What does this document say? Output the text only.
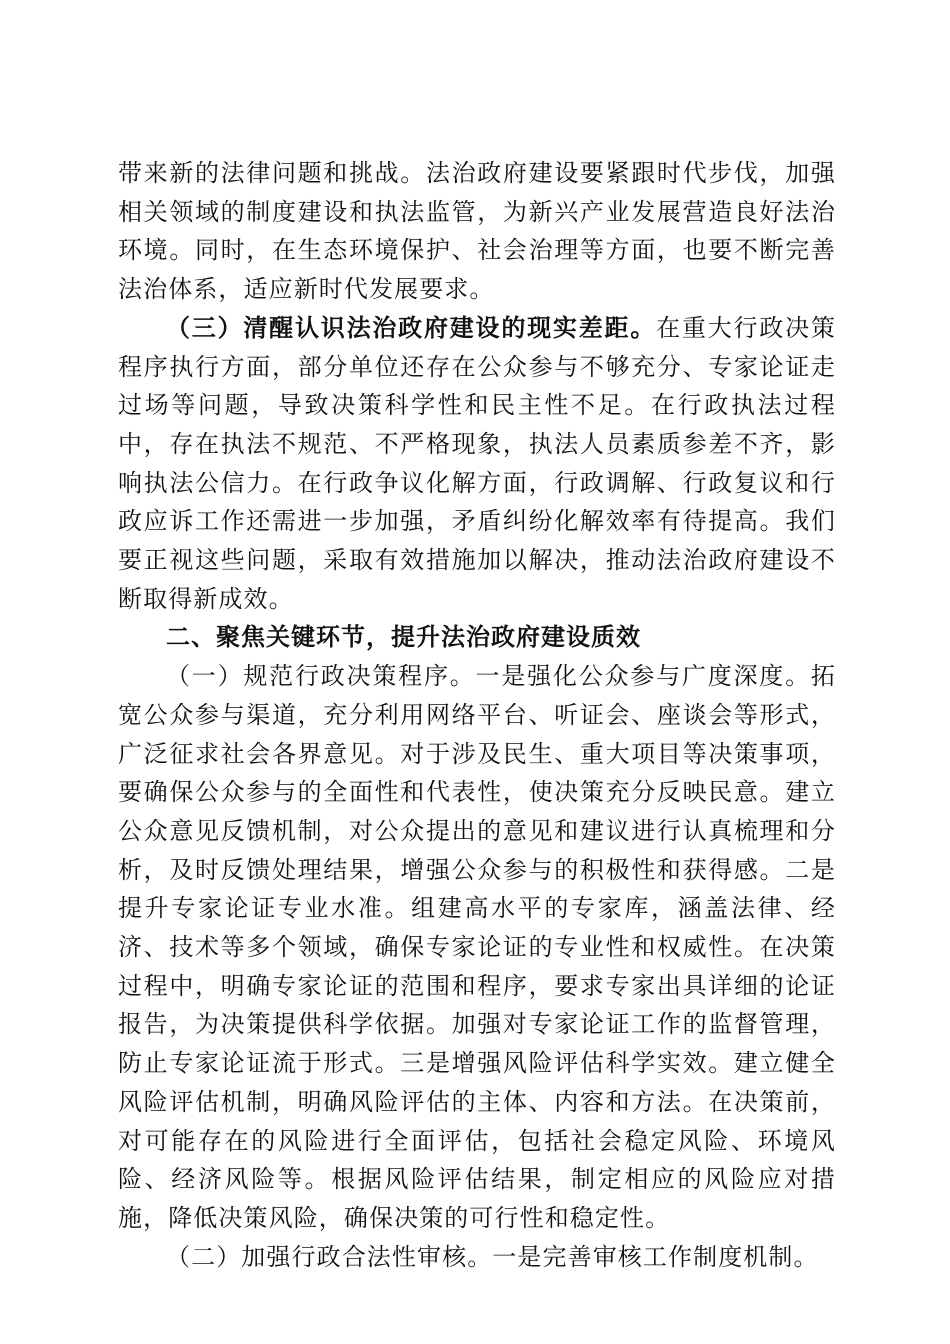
带来新的法律问题和挑战。法治政府建设要紧跟时代步伐，加强相关领域的制度建设和执法监管，为新兴产业发展营造良好法治环境。同时，在生态环境保护、社会治理等方面，也要不断完善法治体系，适应新时代发展要求。

（三）清醒认识法治政府建设的现实差距。在重大行政决策程序执行方面，部分单位还存在公众参与不够充分、专家论证走过场等问题，导致决策科学性和民主性不足。在行政执法过程中，存在执法不规范、不严格现象，执法人员素质参差不齐，影响执法公信力。在行政争议化解方面，行政调解、行政复议和行政应诉工作还需进一步加强，矛盾纠纷化解效率有待提高。我们要正视这些问题，采取有效措施加以解决，推动法治政府建设不断取得新成效。

二、聚焦关键环节，提升法治政府建设质效

（一）规范行政决策程序。一是强化公众参与广度深度。拓宽公众参与渠道，充分利用网络平台、听证会、座谈会等形式，广泛征求社会各界意见。对于涉及民生、重大项目等决策事项，要确保公众参与的全面性和代表性，使决策充分反映民意。建立公众意见反馈机制，对公众提出的意见和建议进行认真梳理和分析，及时反馈处理结果，增强公众参与的积极性和获得感。二是提升专家论证专业水准。组建高水平的专家库，涵盖法律、经济、技术等多个领域，确保专家论证的专业性和权威性。在决策过程中，明确专家论证的范围和程序，要求专家出具详细的论证报告，为决策提供科学依据。加强对专家论证工作的监督管理，防止专家论证流于形式。三是增强风险评估科学实效。建立健全风险评估机制，明确风险评估的主体、内容和方法。在决策前，对可能存在的风险进行全面评估，包括社会稳定风险、环境风险、经济风险等。根据风险评估结果，制定相应的风险应对措施，降低决策风险，确保决策的可行性和稳定性。

（二）加强行政合法性审核。一是完善审核工作制度机制。
